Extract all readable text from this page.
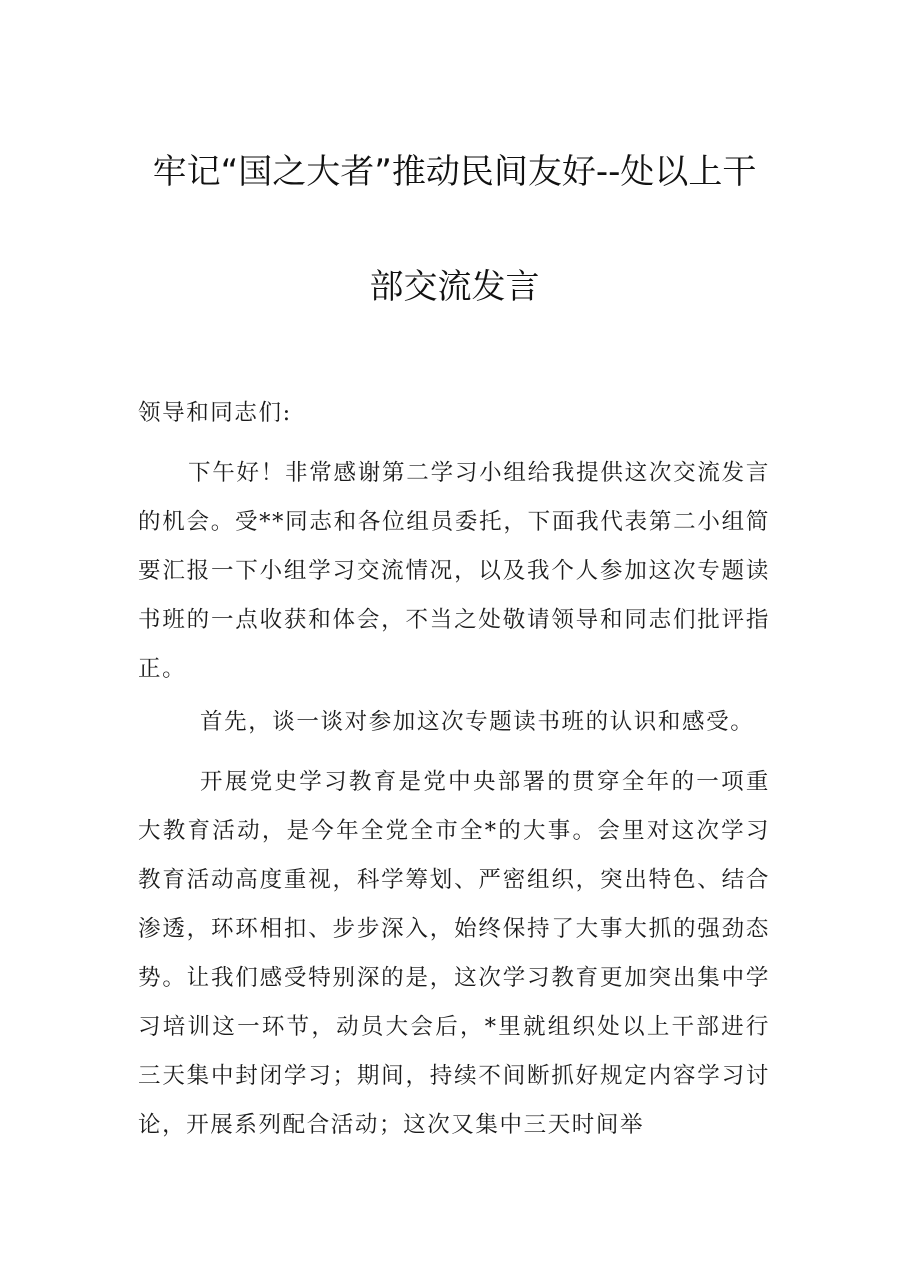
牢记“国之大者”推动民间友好--处以上干
部交流发言
领导和同志们:
下午好！非常感谢第二学习小组给我提供这次交流发言的机会。受**同志和各位组员委托，下面我代表第二小组简要汇报一下小组学习交流情况，以及我个人参加这次专题读书班的一点收获和体会，不当之处敬请领导和同志们批评指正。
首先，谈一谈对参加这次专题读书班的认识和感受。
开展党史学习教育是党中央部署的贯穿全年的一项重大教育活动，是今年全党全市全*的大事。会里对这次学习教育活动高度重视，科学筹划、严密组织，突出特色、结合渗透，环环相扣、步步深入，始终保持了大事大抓的强劲态势。让我们感受特别深的是，这次学习教育更加突出集中学习培训这一环节，动员大会后，*里就组织处以上干部进行三天集中封闭学习；期间，持续不间断抓好规定内容学习讨论，开展系列配合活动；这次又集中三天时间举
